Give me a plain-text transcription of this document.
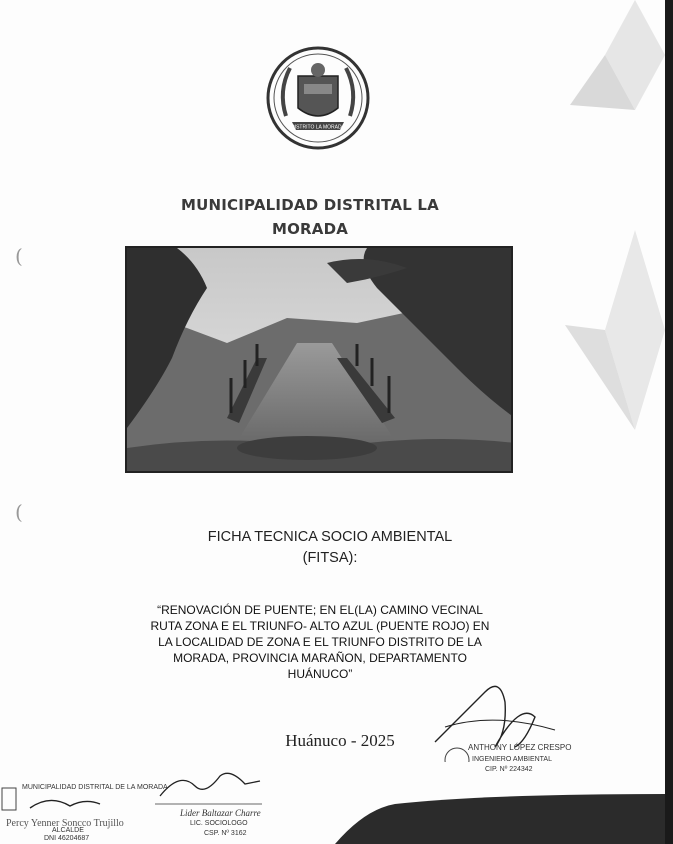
DISTRITO LA MORADA
MUNICIPALIDAD DISTRITAL LA
MORADA
FICHA TECNICA SOCIO AMBIENTAL
(FITSA):
“RENOVACIÓN DE PUENTE; EN EL(LA) CAMINO VECINAL
RUTA ZONA E EL TRIUNFO- ALTO AZUL (PUENTE ROJO) EN
LA LOCALIDAD DE ZONA E EL TRIUNFO DISTRITO DE LA
MORADA, PROVINCIA MARAÑON, DEPARTAMENTO
HUÁNUCO”
Huánuco - 2025	ANTHONY LÓPEZ CRESPO
INGENIERO AMBIENTAL
CIP. Nº 224342
MUNICIPALIDAD DISTRITAL DE LA MORADA
Percy Yenner Soncco Trujillo
ALCALDE
DNI 46204687
Lider Baltazar Charre
LIC. SOCIOLOGO
CSP. Nº 3162
(
(
